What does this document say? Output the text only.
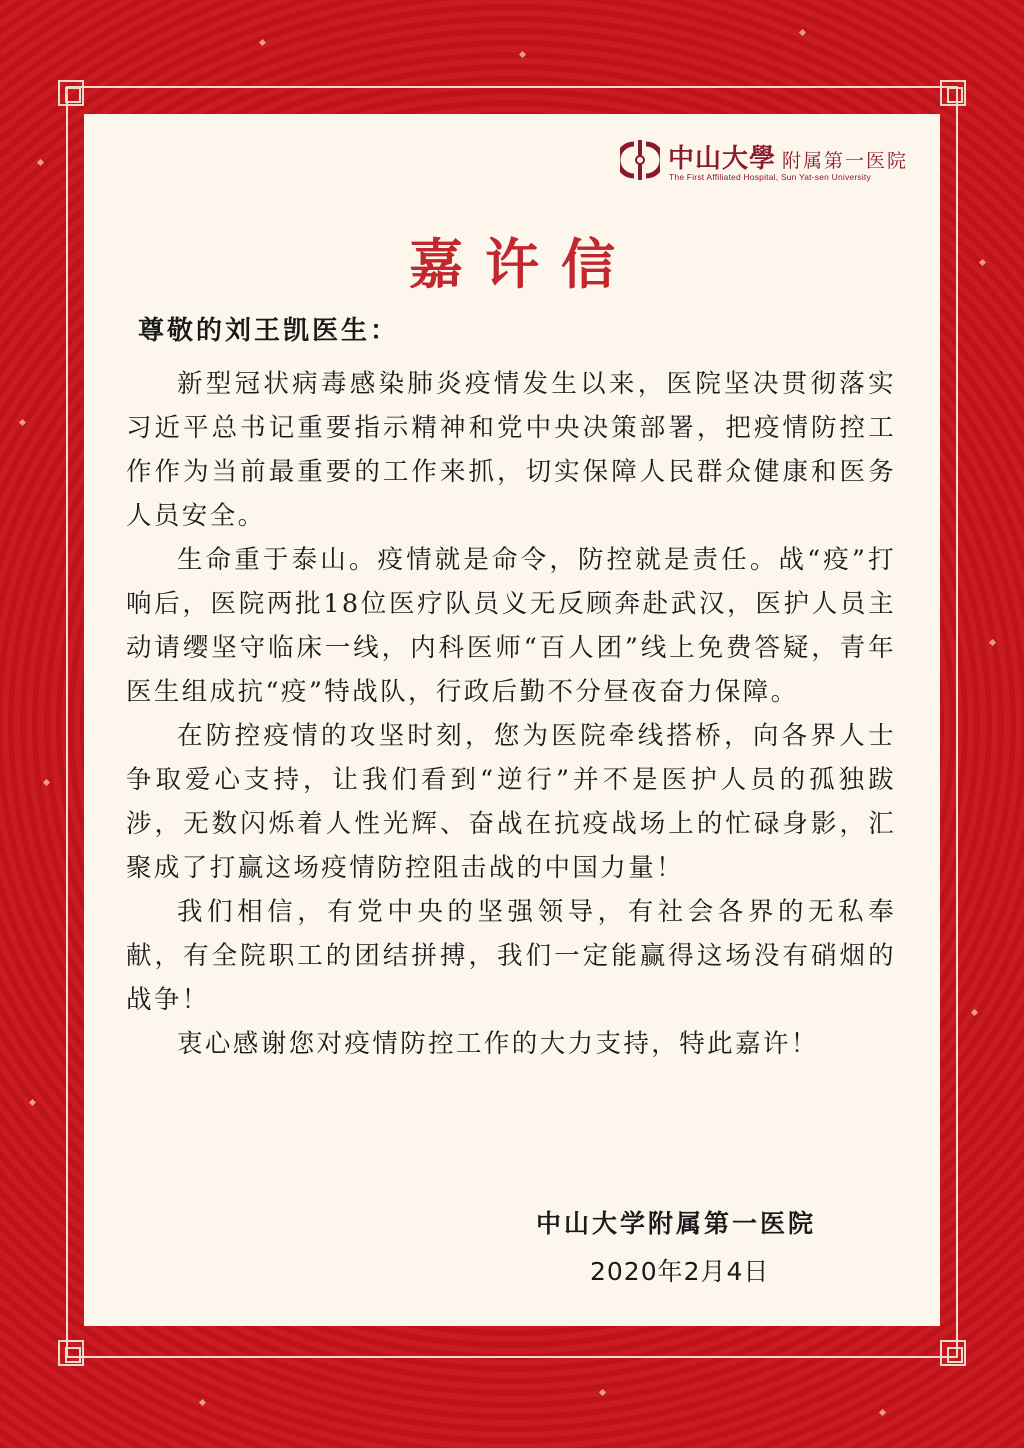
中山大學 附属第一医院
The First Affiliated Hospital, Sun Yat-sen University
嘉许信
尊敬的刘王凯医生：

新型冠状病毒感染肺炎疫情发生以来，医院坚决贯彻落实习近平总书记重要指示精神和党中央决策部署，把疫情防控工作作为当前最重要的工作来抓，切实保障人民群众健康和医务人员安全。

生命重于泰山。疫情就是命令，防控就是责任。战“疫”打响后，医院两批18位医疗队员义无反顾奔赴武汉，医护人员主动请缨坚守临床一线，内科医师“百人团”线上免费答疑，青年医生组成抗“疫”特战队，行政后勤不分昼夜奋力保障。

在防控疫情的攻坚时刻，您为医院牵线搭桥，向各界人士争取爱心支持，让我们看到“逆行”并不是医护人员的孤独跋涉，无数闪烁着人性光辉、奋战在抗疫战场上的忙碌身影，汇聚成了打赢这场疫情防控阻击战的中国力量！

我们相信，有党中央的坚强领导，有社会各界的无私奉献，有全院职工的团结拼搏，我们一定能赢得这场没有硝烟的战争！

衷心感谢您对疫情防控工作的大力支持，特此嘉许！

中山大学附属第一医院
2020年2月4日
